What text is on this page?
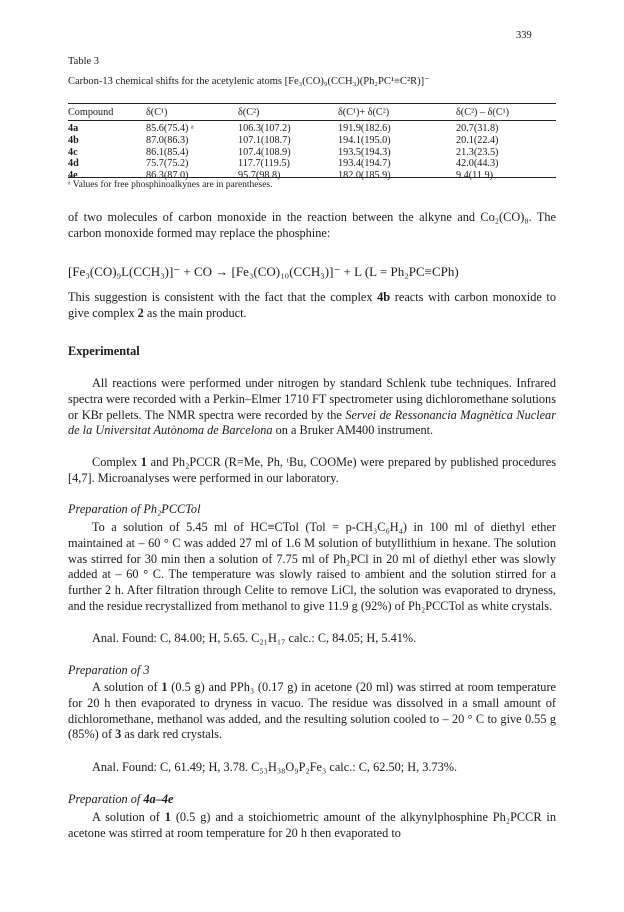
339
Table 3
Carbon-13 chemical shifts for the acetylenic atoms [Fe₃(CO)₉(CCH₃)(Ph₂PC¹≡C²R)]⁻
Compound	δ(C¹)	δ(C²)	δ(C¹)+ δ(C²)	δ(C²) – δ(C¹)

4a	85.6(75.4) ᵃ	106.3(107.2)	191.9(182.6)	20.7(31.8)
4b	87.0(86.3)	107.1(108.7)	194.1(195.0)	20.1(22.4)
4c	86.1(85.4)	107.4(108.9)	193.5(194.3)	21.3(23.5)
4d	75.7(75.2)	117.7(119.5)	193.4(194.7)	42.0(44.3)
4e	86.3(87.0)	95.7(98.8)	182.0(185.9)	9.4(11.9)
ᵃ Values for free phosphinoalkynes are in parentheses.
of two molecules of carbon monoxide in the reaction between the alkyne and Co₂(CO)₈. The carbon monoxide formed may replace the phosphine:
[Fe₃(CO)₉L(CCH₃)]⁻ + CO → [Fe₃(CO)₁₀(CCH₃)]⁻ + L (L = Ph₂PC≡CPh)
This suggestion is consistent with the fact that the complex 4b reacts with carbon monoxide to give complex 2 as the main product.
Experimental
All reactions were performed under nitrogen by standard Schlenk tube techniques. Infrared spectra were recorded with a Perkin–Elmer 1710 FT spectrometer using dichloromethane solutions or KBr pellets. The NMR spectra were recorded by the Servei de Ressonancia Magnètica Nuclear de la Universitat Autònoma de Barcelona on a Bruker AM400 instrument.
Complex 1 and Ph₂PCCR (R=Me, Ph, ᵗBu, COOMe) were prepared by published procedures [4,7]. Microanalyses were performed in our laboratory.
Preparation of Ph₂PCCTol
To a solution of 5.45 ml of HC≡CTol (Tol = p-CH₃C₆H₄) in 100 ml of diethyl ether maintained at – 60 ° C was added 27 ml of 1.6 M solution of butyllithium in hexane. The solution was stirred for 30 min then a solution of 7.75 ml of Ph₂PCl in 20 ml of diethyl ether was slowly added at – 60 ° C. The temperature was slowly raised to ambient and the solution stirred for a further 2 h. After filtration through Celite to remove LiCl, the solution was evaporated to dryness, and the residue recrystallized from methanol to give 11.9 g (92%) of Ph₂PCCTol as white crystals.
Anal. Found: C, 84.00; H, 5.65. C₂₁H₁₇ calc.: C, 84.05; H, 5.41%.
Preparation of 3
A solution of 1 (0.5 g) and PPh₃ (0.17 g) in acetone (20 ml) was stirred at room temperature for 20 h then evaporated to dryness in vacuo. The residue was dissolved in a small amount of dichloromethane, methanol was added, and the resulting solution cooled to – 20 ° C to give 0.55 g (85%) of 3 as dark red crystals.
Anal. Found: C, 61.49; H, 3.78. C₅₃H₃₈O₉P₂Fe₃ calc.: C, 62.50; H, 3.73%.
Preparation of 4a–4e
A solution of 1 (0.5 g) and a stoichiometric amount of the alkynylphosphine Ph₂PCCR in acetone was stirred at room temperature for 20 h then evaporated to
